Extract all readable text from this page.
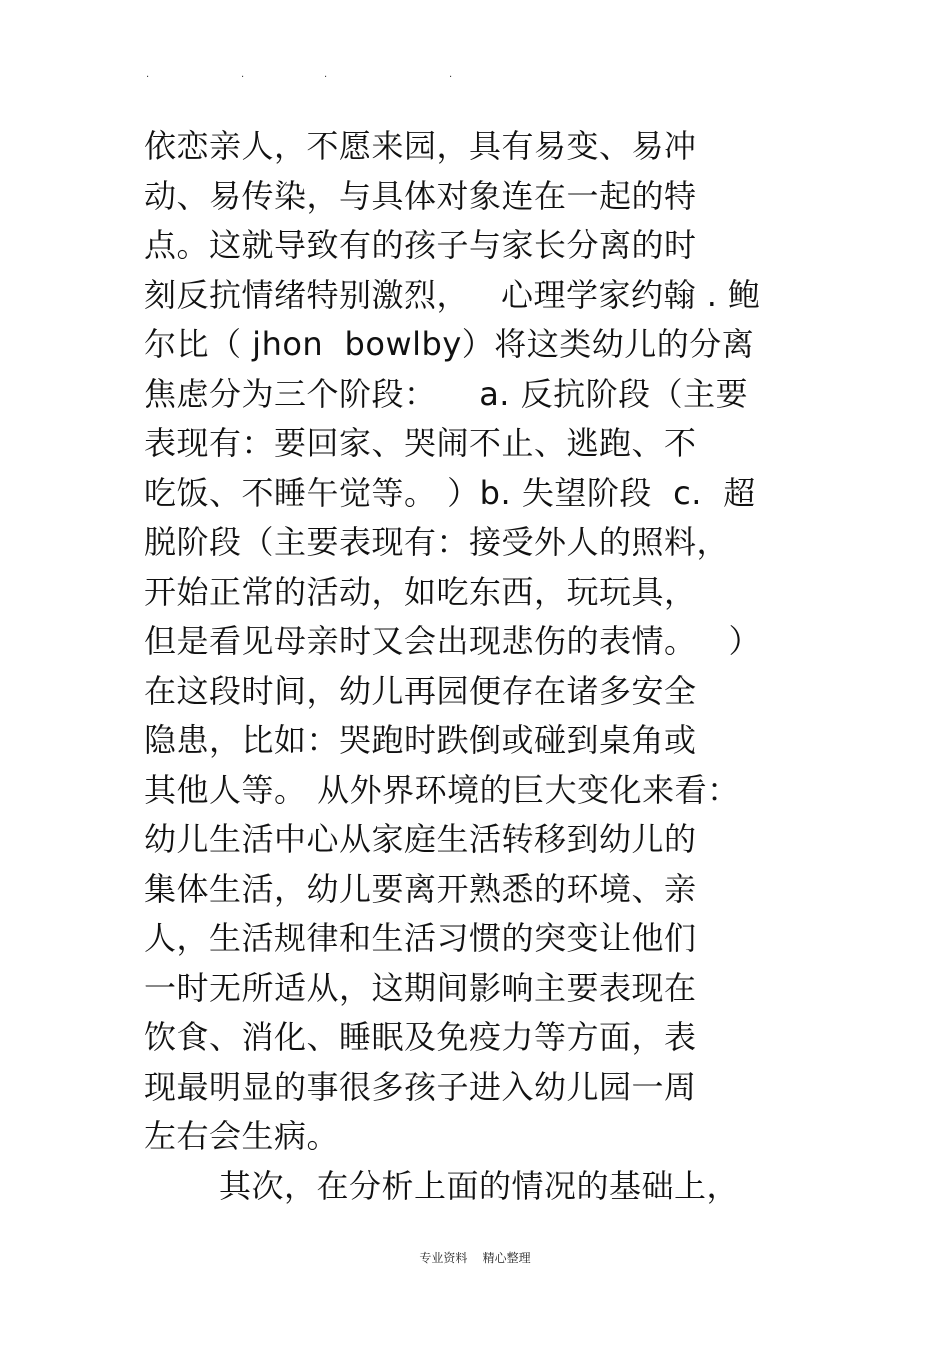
.	.	.	.
依恋亲人，不愿来园，具有易变、易冲
动、易传染，与具体对象连在一起的特
点。这就导致有的孩子与家长分离的时
刻反抗情绪特别激烈，   心理学家约翰 . 鲍
尔比（ jhon  bowlby）将这类幼儿的分离
焦虑分为三个阶段：    a. 反抗阶段（主要
表现有：要回家、哭闹不止、逃跑、不
吃饭、不睡午觉等。 ）b. 失望阶段  c.  超
脱阶段（主要表现有：接受外人的照料，
开始正常的活动，如吃东西，玩玩具，
但是看见母亲时又会出现悲伤的表情。   ）
在这段时间，幼儿再园便存在诸多安全
隐患，比如：哭跑时跌倒或碰到桌角或
其他人等。 从外界环境的巨大变化来看：
幼儿生活中心从家庭生活转移到幼儿的
集体生活，幼儿要离开熟悉的环境、亲
人，生活规律和生活习惯的突变让他们
一时无所适从，这期间影响主要表现在
饮食、消化、睡眠及免疫力等方面，表
现最明显的事很多孩子进入幼儿园一周
左右会生病。
其次，在分析上面的情况的基础上，
专业资料    精心整理
